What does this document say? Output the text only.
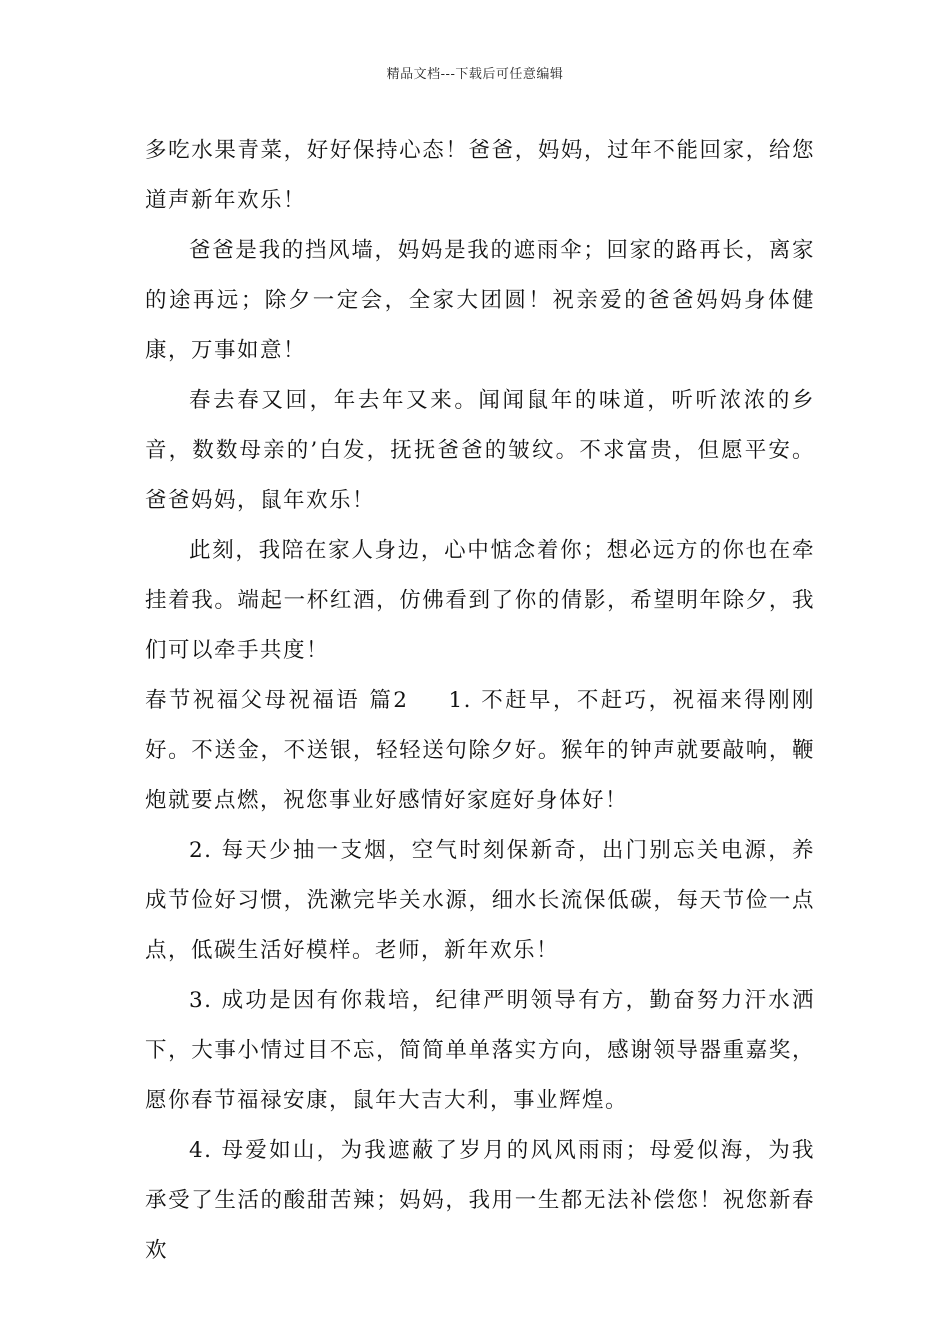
精品文档---下载后可任意编辑

多吃水果青菜，好好保持心态！爸爸，妈妈，过年不能回家，给您道声新年欢乐！

爸爸是我的挡风墙，妈妈是我的遮雨伞；回家的路再长，离家的途再远；除夕一定会，全家大团圆！祝亲爱的爸爸妈妈身体健康，万事如意！

春去春又回，年去年又来。闻闻鼠年的味道，听听浓浓的乡音，数数母亲的’白发，抚抚爸爸的皱纹。不求富贵，但愿平安。爸爸妈妈，鼠年欢乐！

此刻，我陪在家人身边，心中惦念着你；想必远方的你也在牵挂着我。端起一杯红酒，仿佛看到了你的倩影，希望明年除夕，我们可以牵手共度！

春节祝福父母祝福语 篇2 1. 不赶早，不赶巧，祝福来得刚刚好。不送金，不送银，轻轻送句除夕好。猴年的钟声就要敲响，鞭炮就要点燃，祝您事业好感情好家庭好身体好！

2. 每天少抽一支烟，空气时刻保新奇，出门别忘关电源，养成节俭好习惯，洗漱完毕关水源，细水长流保低碳，每天节俭一点点，低碳生活好模样。老师，新年欢乐！

3. 成功是因有你栽培，纪律严明领导有方，勤奋努力汗水洒下，大事小情过目不忘，简简单单落实方向，感谢领导器重嘉奖，愿你春节福禄安康，鼠年大吉大利，事业辉煌。

4. 母爱如山，为我遮蔽了岁月的风风雨雨；母爱似海，为我承受了生活的酸甜苦辣；妈妈，我用一生都无法补偿您！祝您新春欢
